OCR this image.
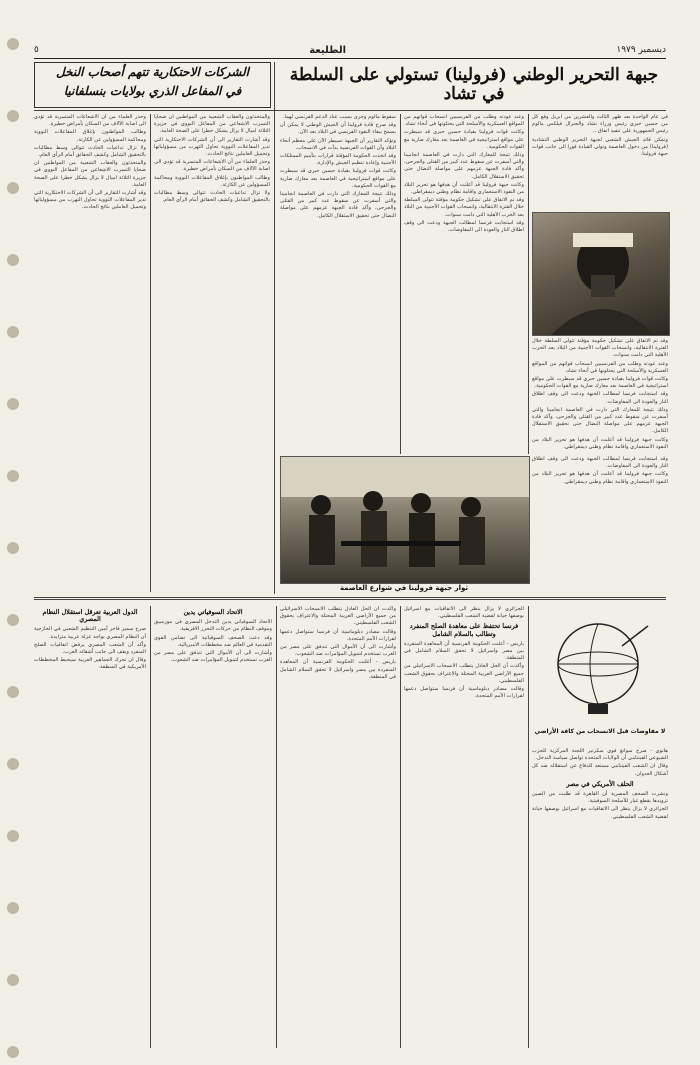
ديسمبر ١٩٧٩
الطليعة
٥
الشركات الاحتكارية تتهم أصحاب النخل
في المفاعل الذري بولايات بنسلفانيا
جبهة التحرير الوطني (فرولينا) تستولي على السلطة في تشاد

في عام الواحدة بعد ظهر الثالث والعشرين من ابريل وقع كل من حسين حبري رئيس وزراء تشاد والجنرال فيلكس مالوم رئيس الجمهورية على تنفيذ اتفاق ..

وتمكن قائد الجيش الشعبي لجبهة التحرير الوطني التشادية (فرولينا) من دخول العاصمة وتولي القيادة فورا الى جانب قوات جبهة فرولينا.

وقد تم الاتفاق على تشكيل حكومة مؤقتة تتولى السلطة خلال الفترة الانتقالية، وانسحاب القوات الأجنبية من البلاد بعد الحرب الأهلية التي دامت سنوات.

وعند عودته وطلب من الفرنسيين انسحاب قواتهم من المواقع العسكرية والأسلحة التي يحتلونها في أنحاء تشاد.

وكانت قوات فرولينا بقيادة حسين حبري قد سيطرت على مواقع استراتيجية في العاصمة بعد معارك ضارية مع القوات الحكومية.

وقد استجابت فرنسا لمطالب الجبهة ودعت الى وقف اطلاق النار والعودة الى المفاوضات.

وذلك نتيجة للمعارك التي دارت في العاصمة انجامينا والتي أسفرت عن سقوط عدد كبير من القتلى والجرحى، وأكد قادة الجبهة عزمهم على مواصلة النضال حتى تحقيق الاستقلال الكامل.

وكانت جبهة فرولينا قد أعلنت أن هدفها هو تحرير البلاد من النفوذ الاستعماري واقامة نظام وطني ديمقراطي.

وعند عودته وطلب من الفرنسيين انسحاب قواتهم من المواقع العسكرية والأسلحة التي يحتلونها في أنحاء تشاد.

وكانت قوات فرولينا بقيادة حسين حبري قد سيطرت على مواقع استراتيجية في العاصمة بعد معارك ضارية مع القوات الحكومية.

وذلك نتيجة للمعارك التي دارت في العاصمة انجامينا والتي أسفرت عن سقوط عدد كبير من القتلى والجرحى، وأكد قادة الجبهة عزمهم على مواصلة النضال حتى تحقيق الاستقلال الكامل.

وكانت جبهة فرولينا قد أعلنت أن هدفها هو تحرير البلاد من النفوذ الاستعماري واقامة نظام وطني ديمقراطي.

وقد تم الاتفاق على تشكيل حكومة مؤقتة تتولى السلطة خلال الفترة الانتقالية، وانسحاب القوات الأجنبية من البلاد بعد الحرب الأهلية التي دامت سنوات.

وقد استجابت فرنسا لمطالب الجبهة ودعت الى وقف اطلاق النار والعودة الى المفاوضات.

سقوط مالوم وجرى بسبب عناد الدعم الفرنسي لهما.

وقد صرح قادة فرولينا أن الجيش الوطني لا يمكن أن يسمح ببقاء النفوذ الفرنسي في البلاد بعد الآن.

وتؤكد التقارير أن الجبهة تسيطر الآن على معظم أنحاء البلاد وأن القوات الفرنسية بدأت في الانسحاب.

وقد اتخذت الحكومة المؤقتة قرارات بتأميم الممتلكات الأجنبية وإعادة تنظيم الجيش والإدارة.

وكانت قوات فرولينا بقيادة حسين حبري قد سيطرت على مواقع استراتيجية في العاصمة بعد معارك ضارية مع القوات الحكومية.

وذلك نتيجة للمعارك التي دارت في العاصمة انجامينا والتي أسفرت عن سقوط عدد كبير من القتلى والجرحى، وأكد قادة الجبهة عزمهم على مواصلة النضال حتى تحقيق الاستقلال الكامل.

ثوار جبهة فرولينا في شوارع العاصمة

وقد استجابت فرنسا لمطالب الجبهة ودعت الى وقف اطلاق النار والعودة الى المفاوضات.

وكانت جبهة فرولينا قد أعلنت أن هدفها هو تحرير البلاد من النفوذ الاستعماري واقامة نظام وطني ديمقراطي.

والمتحدثون والعقاب الشعبية من المواطنين ان ضحايا التسرب الاشعاعي من المفاعل النووي في جزيرة الثلاثة اميال لا يزال يشكل خطرا على الصحة العامة.

وقد أشارت التقارير الى أن الشركات الاحتكارية التي تدير المفاعلات النووية تحاول التهرب من مسؤولياتها وتحميل العاملين نتائج الحادث.

وحذر العلماء من أن الاشعاعات المتسربة قد تؤدي الى اصابة الآلاف من السكان بأمراض خطيرة.

وطالب المواطنون بإغلاق المفاعلات النووية ومحاكمة المسؤولين عن الكارثة.

ولا تزال تداعيات الحادث تتوالى وسط مطالبات بالتحقيق الشامل وكشف الحقائق أمام الرأي العام.

وحذر العلماء من أن الاشعاعات المتسربة قد تؤدي الى اصابة الآلاف من السكان بأمراض خطيرة.

وطالب المواطنون بإغلاق المفاعلات النووية ومحاكمة المسؤولين عن الكارثة.

ولا تزال تداعيات الحادث تتوالى وسط مطالبات بالتحقيق الشامل وكشف الحقائق أمام الرأي العام.

والمتحدثون والعقاب الشعبية من المواطنين ان ضحايا التسرب الاشعاعي من المفاعل النووي في جزيرة الثلاثة اميال لا يزال يشكل خطرا على الصحة العامة.

وقد أشارت التقارير الى أن الشركات الاحتكارية التي تدير المفاعلات النووية تحاول التهرب من مسؤولياتها وتحميل العاملين نتائج الحادث.

لا مفاوضات قبل الانسحاب من كافة الأراضي

هانوي - صرح سوانغ فوي سكرتير اللجنة المركزية للحزب الشيوعي الفيتنامي أن الولايات المتحدة تواصل سياسة التدخل.

وقال ان الشعب الفيتنامي مستعد للدفاع عن استقلاله ضد كل أشكال العدوان.

الحلف الأمريكي في مصر

ونشرت الصحف المصرية أن القاهرة قد طلبت من الصين تزويدها بقطع غيار للأسلحة السوفيتية.

الجزائري لا يزال ينظر الى الاتفاقيات مع اسرائيل بوصفها خيانة لقضية الشعب الفلسطيني.

الجزائري لا يزال ينظر الى الاتفاقيات مع اسرائيل بوصفها خيانة لقضية الشعب الفلسطيني.

فرنسا تحتفظ على معاهدة الصلح المنفرد وتطالب بالسلام الشامل

باريس - أعلنت الحكومة الفرنسية أن المعاهدة المنفردة بين مصر واسرائيل لا تحقق السلام الشامل في المنطقة.

وأكدت أن الحل العادل يتطلب الانسحاب الاسرائيلي من جميع الأراضي العربية المحتلة والاعتراف بحقوق الشعب الفلسطيني.

وقالت مصادر دبلوماسية أن فرنسا ستواصل دعمها لقرارات الأمم المتحدة.

وأكدت أن الحل العادل يتطلب الانسحاب الاسرائيلي من جميع الأراضي العربية المحتلة والاعتراف بحقوق الشعب الفلسطيني.

وقالت مصادر دبلوماسية أن فرنسا ستواصل دعمها لقرارات الأمم المتحدة.

وأشارت الى أن الأموال التي تتدفق على مصر من الغرب تستخدم لتمويل المؤامرات ضد الشعوب.

باريس - أعلنت الحكومة الفرنسية أن المعاهدة المنفردة بين مصر واسرائيل لا تحقق السلام الشامل في المنطقة.

الاتحاد السوفياتي يدين

الاتحاد السوفياتي يدين التدخل المصري في موزمبيق وموقف النظام من حركات التحرر الافريقية.

وقد دعت الصحف السوفياتية الى تضامن القوى التقدمية في العالم ضد مخططات الامبريالية.

وأشارت الى أن الأموال التي تتدفق على مصر من الغرب تستخدم لتمويل المؤامرات ضد الشعوب.

الدول العربية تعرقل استقلال النظام المصري

صرح سمير فاخر أمين التنظيم الشعبي في الخارجية أن النظام المصري يواجه عزلة عربية متزايدة.

وأكد أن الشعب المصري يرفض اتفاقيات الصلح المنفرد ويقف الى جانب أشقائه العرب.

وقال ان تحرك الجماهير العربية سيحبط المخططات الأمريكية في المنطقة.
